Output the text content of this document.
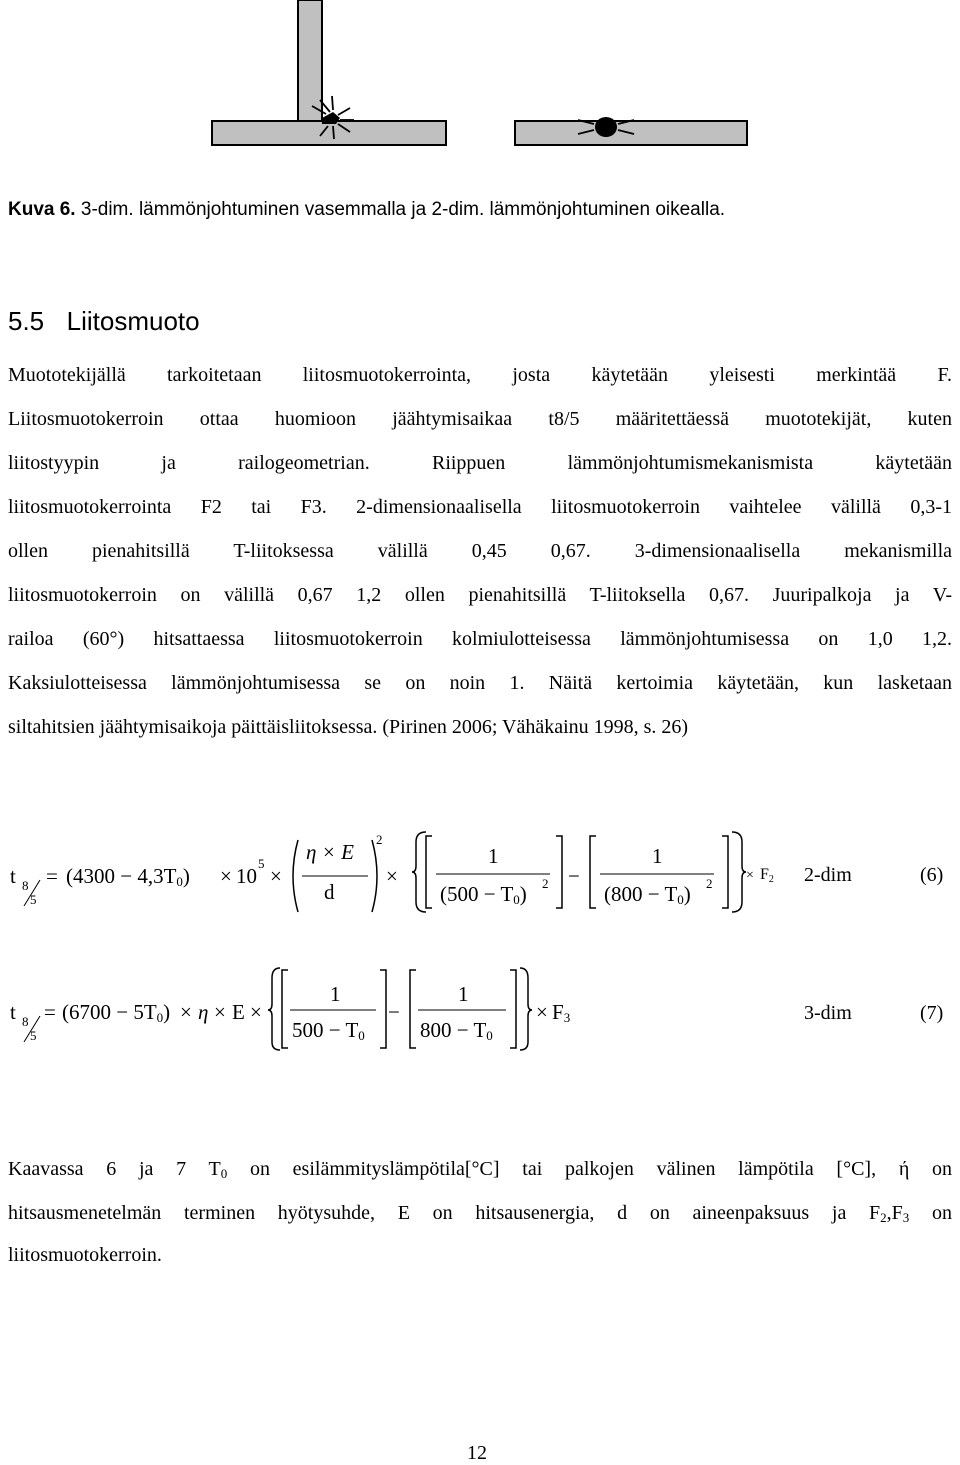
Kuva 6. 3-dim. lämmönjohtuminen vasemmalla ja 2-dim. lämmönjohtuminen oikealla.
5.5 Liitosmuoto
Muototekijällä tarkoitetaan liitosmuotokerrointa, josta käytetään yleisesti merkintää F.
Liitosmuotokerroin ottaa huomioon jäähtymisaikaa t8/5 määritettäessä muototekijät, kuten
liitostyypin ja railogeometrian. Riippuen lämmönjohtumismekanismista käytetään
liitosmuotokerrointa F2 tai F3. 2-dimensionaalisella liitosmuotokerroin vaihtelee välillä 0,3-1
ollen pienahitsillä T-liitoksessa välillä 0,45 0,67. 3-dimensionaalisella mekanismilla
liitosmuotokerroin on välillä 0,67 1,2 ollen pienahitsillä T-liitoksella 0,67. Juuripalkoja ja V-
railoa (60°) hitsattaessa liitosmuotokerroin kolmiulotteisessa lämmönjohtumisessa on 1,0 1,2.
Kaksiulotteisessa lämmönjohtumisessa se on noin 1. Näitä kertoimia käytetään, kun lasketaan
siltahitsien jäähtymisaikoja päittäisliitoksessa. (Pirinen 2006; Vähäkainu 1998, s. 26)
t 8
5
= $(4300 - 4,3T_0) \times 10$
5
×
η × E
d
2
×
1
$(500 - T_0)$ 2 −
1
$(800 - T_0)$ 2
× $F_2$ 2-dim	(6)
t 8
5
= $(6700 - 5T_0) \times \eta \times E$ ×
1
$500 - T_0$
−
1
$800 - T_0$
× $F_3$	3-dim	(7)
Kaavassa 6 ja 7 $T_0$ on esilämmityslämpötila[°C] tai palkojen välinen lämpötila [°C], ή on
hitsausmenetelmän terminen hyötysuhde, E on hitsausenergia, d on aineenpaksuus ja $F_2,F_3$ on
liitosmuotokerroin.
12
